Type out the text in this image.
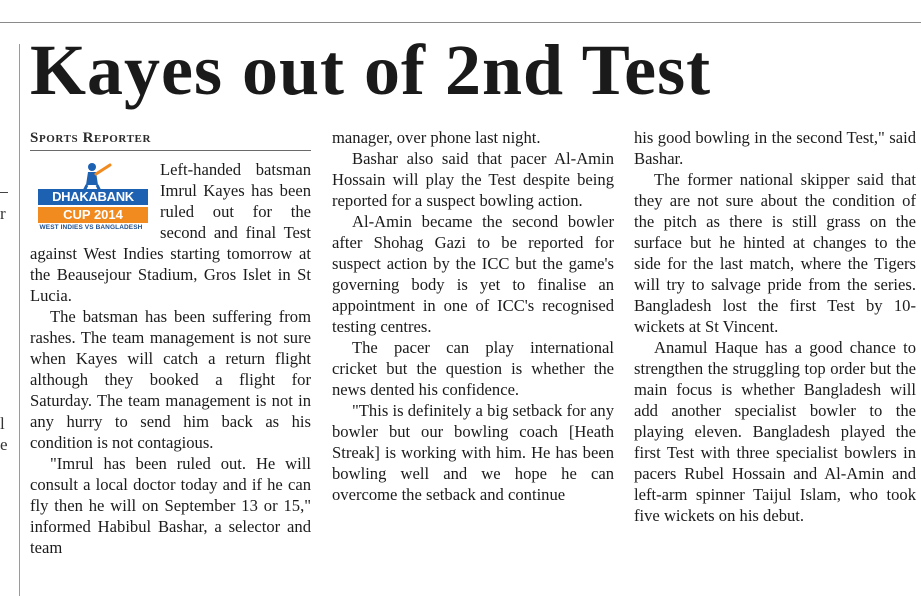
r
l
e
Kayes out of 2nd Test
Sports Reporter
DHAKABANK
CUP 2014
WEST INDIES VS BANGLADESH

Left-handed batsman Imrul Kayes has been ruled out for the second and final Test against West Indies starting tomorrow at the Beausejour Stadium, Gros Islet in St Lucia.

The batsman has been suffering from rashes. The team management is not sure when Kayes will catch a return flight although they booked a flight for Saturday. The team management is not in any hurry to send him back as his condition is not contagious.

"Imrul has been ruled out. He will consult a local doctor today and if he can fly then he will on September 13 or 15," informed Habibul Bashar, a selector and team

manager, over phone last night.

Bashar also said that pacer Al-Amin Hossain will play the Test despite being reported for a suspect bowling action.

Al-Amin became the second bowler after Shohag Gazi to be reported for suspect action by the ICC but the game's governing body is yet to finalise an appointment in one of ICC's recognised testing centres.

The pacer can play international cricket but the question is whether the news dented his confidence.

"This is definitely a big setback for any bowler but our bowling coach [Heath Streak] is working with him. He has been bowling well and we hope he can overcome the setback and continue

his good bowling in the second Test," said Bashar.

The former national skipper said that they are not sure about the condition of the pitch as there is still grass on the surface but he hinted at changes to the side for the last match, where the Tigers will try to salvage pride from the series. Bangladesh lost the first Test by 10-wickets at St Vincent.

Anamul Haque has a good chance to strengthen the struggling top order but the main focus is whether Bangladesh will add another specialist bowler to the playing eleven. Bangladesh played the first Test with three specialist bowlers in pacers Rubel Hossain and Al-Amin and left-arm spinner Taijul Islam, who took five wickets on his debut.
